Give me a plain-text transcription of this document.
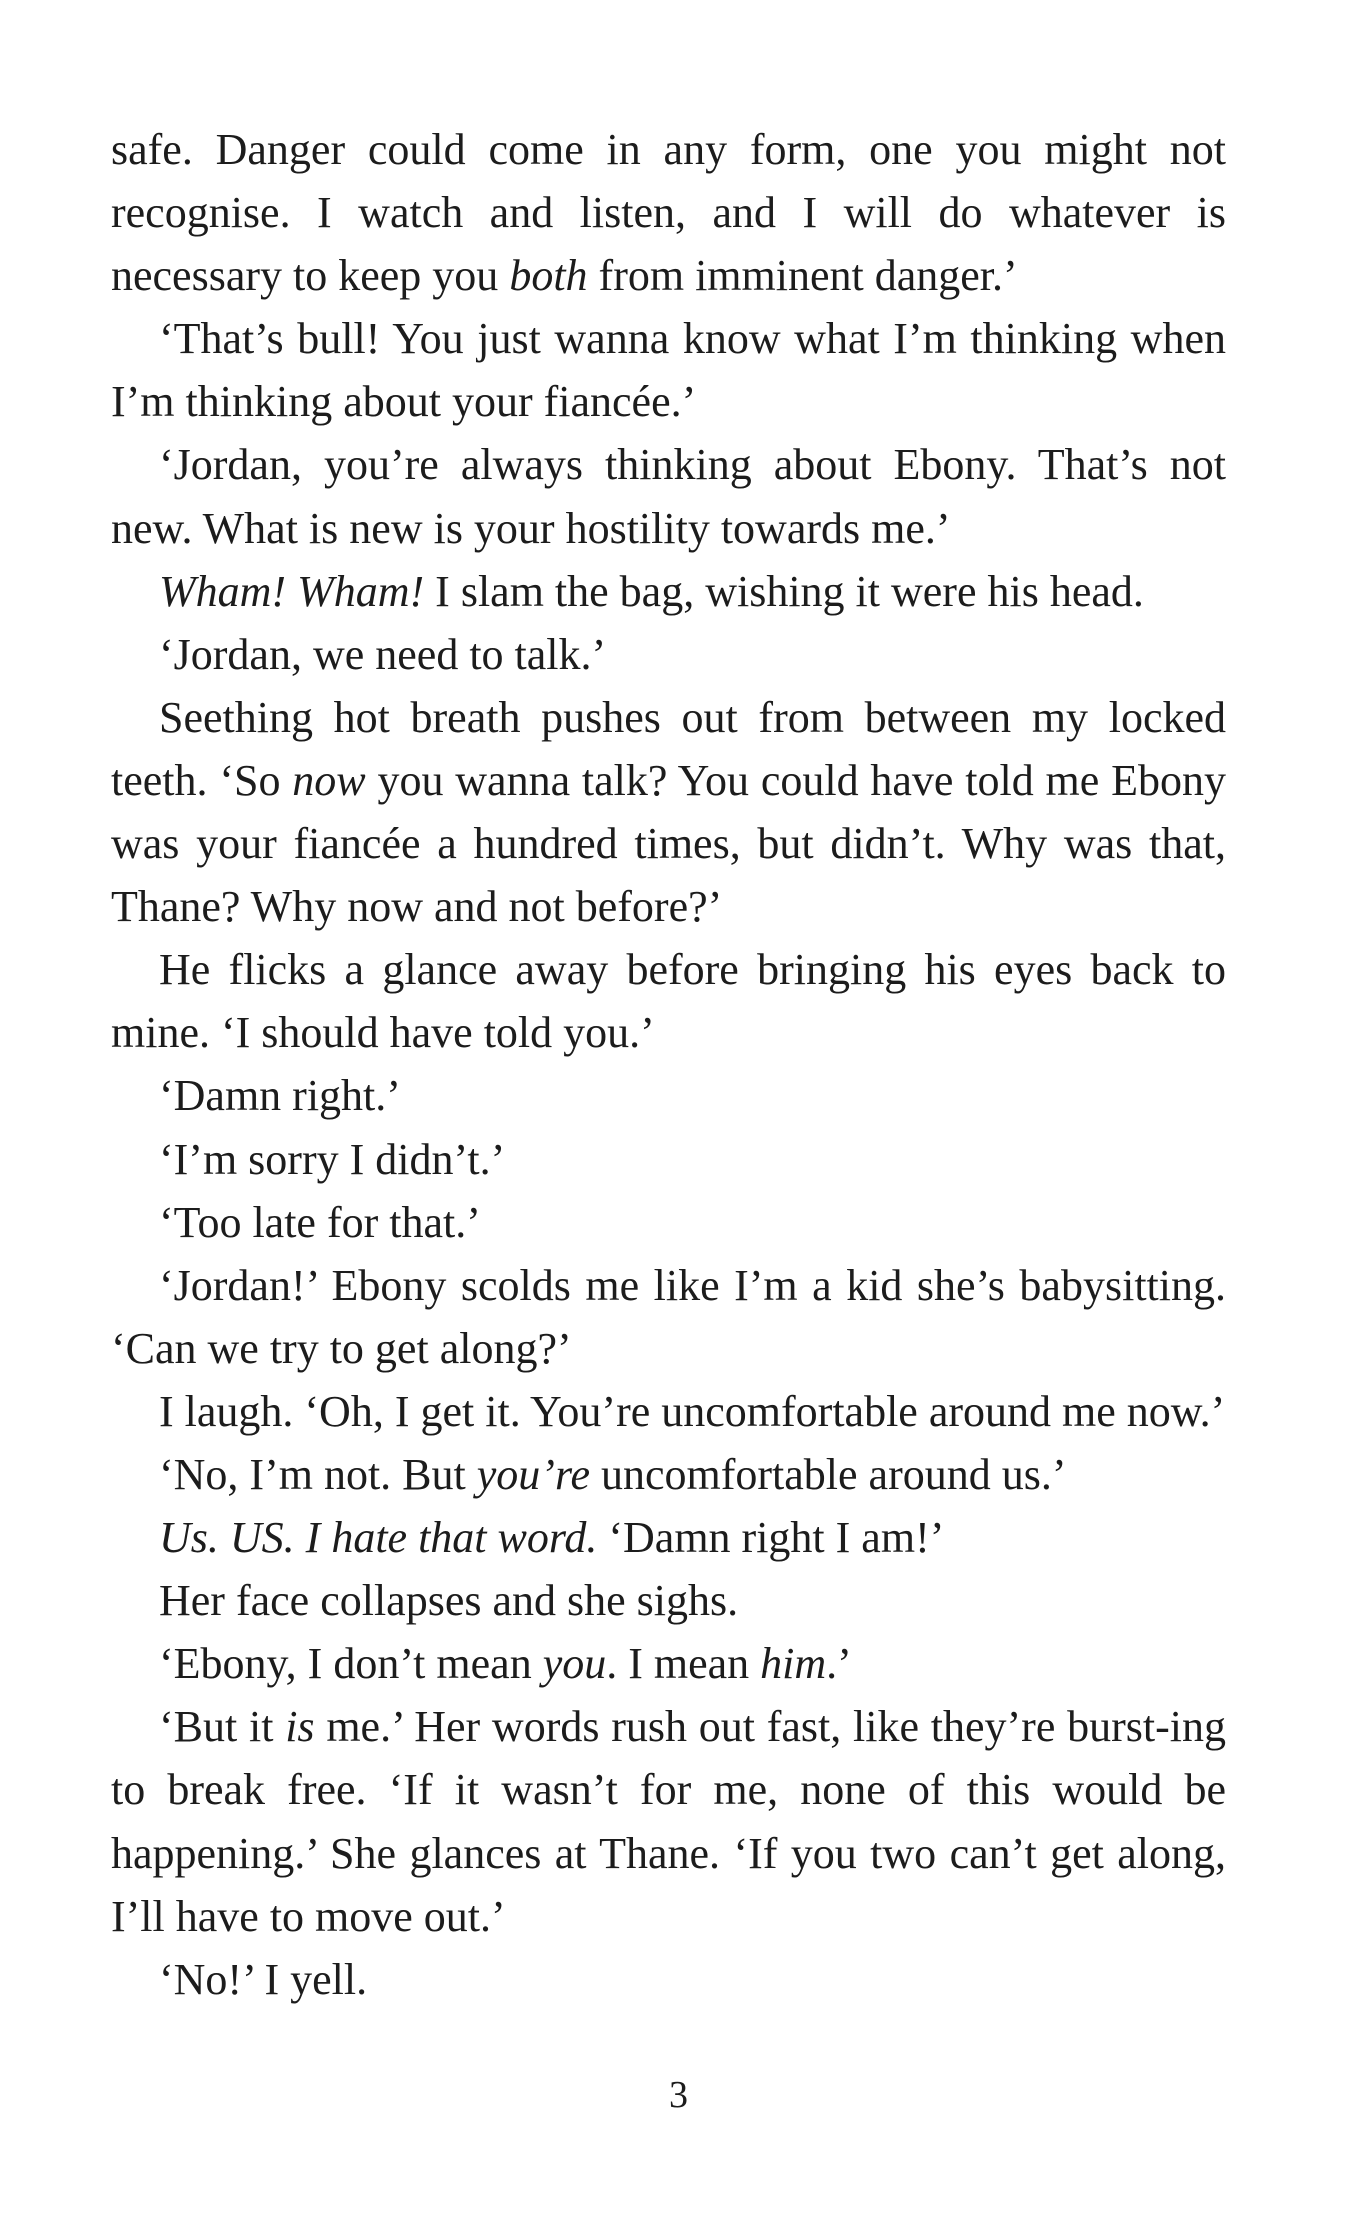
safe. Danger could come in any form, one you might not recognise. I watch and listen, and I will do whatever is necessary to keep you both from imminent danger.’

‘That’s bull! You just wanna know what I’m thinking when I’m thinking about your fiancée.’

‘Jordan, you’re always thinking about Ebony. That’s not new. What is new is your hostility towards me.’

Wham! Wham! I slam the bag, wishing it were his head.

‘Jordan, we need to talk.’

Seething hot breath pushes out from between my locked teeth. ‘So now you wanna talk? You could have told me Ebony was your fiancée a hundred times, but didn’t. Why was that, Thane? Why now and not before?’

He flicks a glance away before bringing his eyes back to mine. ‘I should have told you.’

‘Damn right.’

‘I’m sorry I didn’t.’

‘Too late for that.’

‘Jordan!’ Ebony scolds me like I’m a kid she’s babysitting. ‘Can we try to get along?’

I laugh. ‘Oh, I get it. You’re uncomfortable around me now.’

‘No, I’m not. But you’re uncomfortable around us.’

Us. US. I hate that word. ‘Damn right I am!’

Her face collapses and she sighs.

‘Ebony, I don’t mean you. I mean him.’

‘But it is me.’ Her words rush out fast, like they’re burst-ing to break free. ‘If it wasn’t for me, none of this would be happening.’ She glances at Thane. ‘If you two can’t get along, I’ll have to move out.’

‘No!’ I yell.

3
